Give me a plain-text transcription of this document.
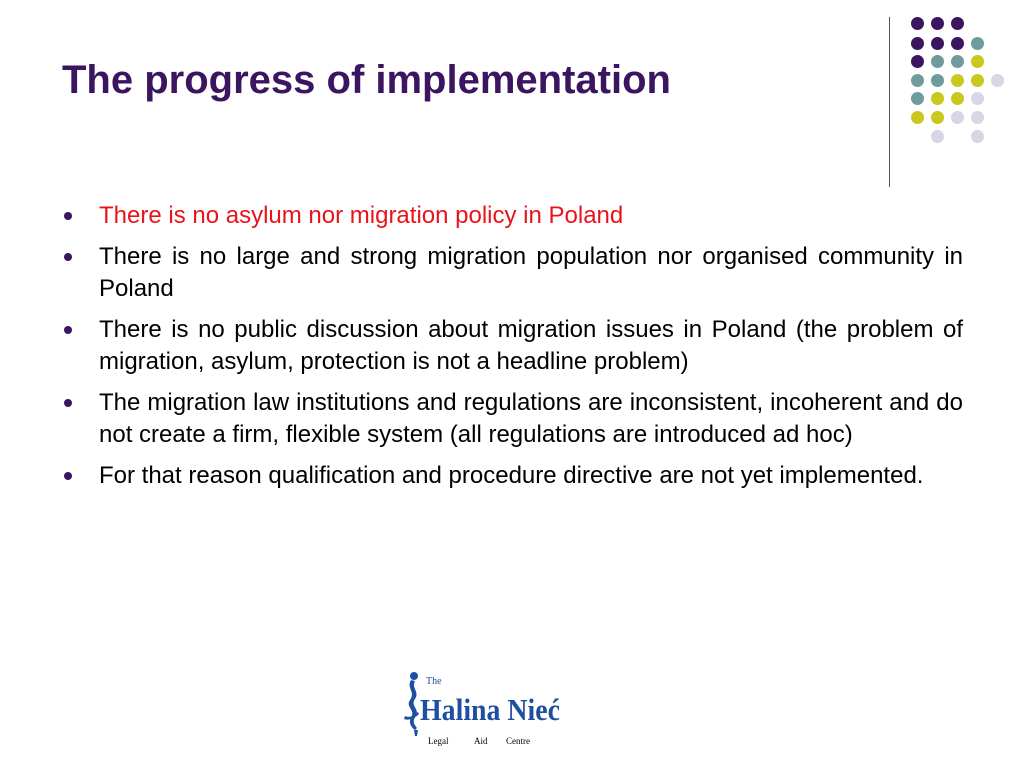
The progress of implementation
There is no asylum nor migration policy in Poland
There is no large and strong migration population nor organised community in Poland
There is no public discussion about migration issues in Poland (the problem of migration, asylum, protection is not a headline problem)
The migration law institutions and regulations are inconsistent, incoherent and do not create a firm, flexible system (all regulations are introduced ad hoc)
For that reason qualification and procedure directive are not yet implemented.
The
Halina Nieć
Legal	Aid Centre
